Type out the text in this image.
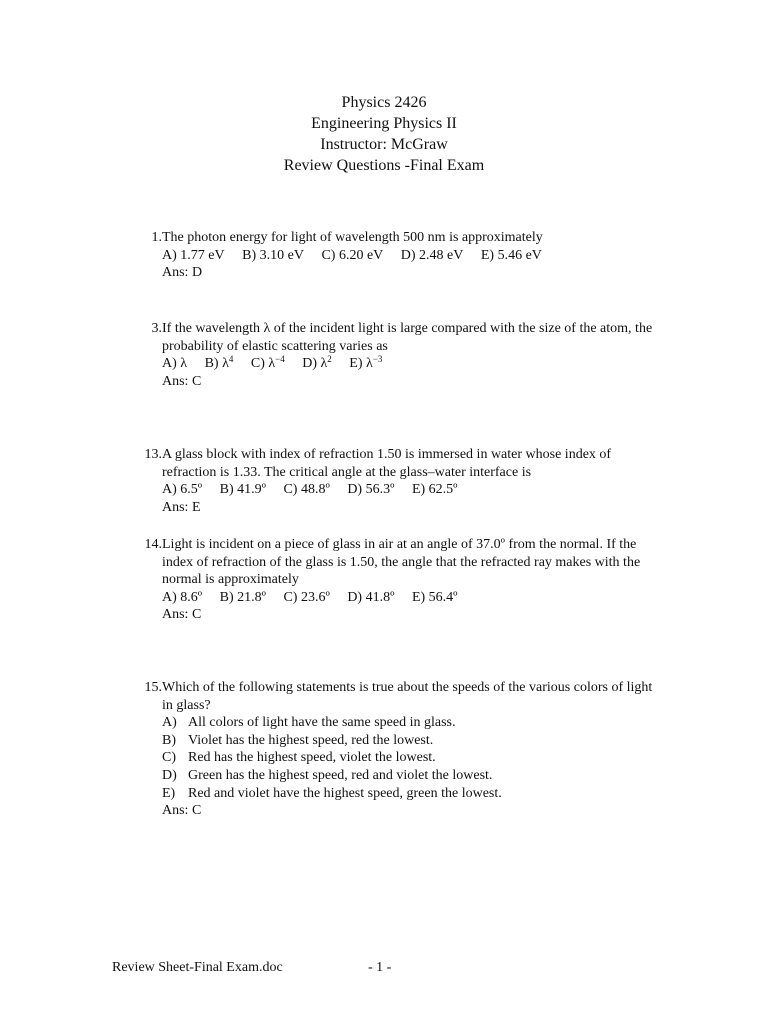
Physics 2426
Engineering Physics II
Instructor: McGraw
Review Questions -Final Exam
1. The photon energy for light of wavelength 500 nm is approximately
A) 1.77 eV B) 3.10 eV C) 6.20 eV D) 2.48 eV E) 5.46 eV
Ans: D
3. If the wavelength λ of the incident light is large compared with the size of the atom, the
probability of elastic scattering varies as
A) λ B) $\lambda^4$ C) $\lambda^{-4}$ D) $\lambda^2$ E) $\lambda^{-3}$
Ans: C
13. A glass block with index of refraction 1.50 is immersed in water whose index of
refraction is 1.33. The critical angle at the glass–water interface is
A) 6.5º B) 41.9º C) 48.8º D) 56.3º E) 62.5º
Ans: E
14. Light is incident on a piece of glass in air at an angle of 37.0º from the normal. If the
index of refraction of the glass is 1.50, the angle that the refracted ray makes with the
normal is approximately
A) 8.6º B) 21.8º C) 23.6º D) 41.8º E) 56.4º
Ans: C
15. Which of the following statements is true about the speeds of the various colors of light
in glass?
A) All colors of light have the same speed in glass.
B) Violet has the highest speed, red the lowest.
C) Red has the highest speed, violet the lowest.
D) Green has the highest speed, red and violet the lowest.
E) Red and violet have the highest speed, green the lowest.
Ans: C
Review Sheet-Final Exam.doc	- 1 -
